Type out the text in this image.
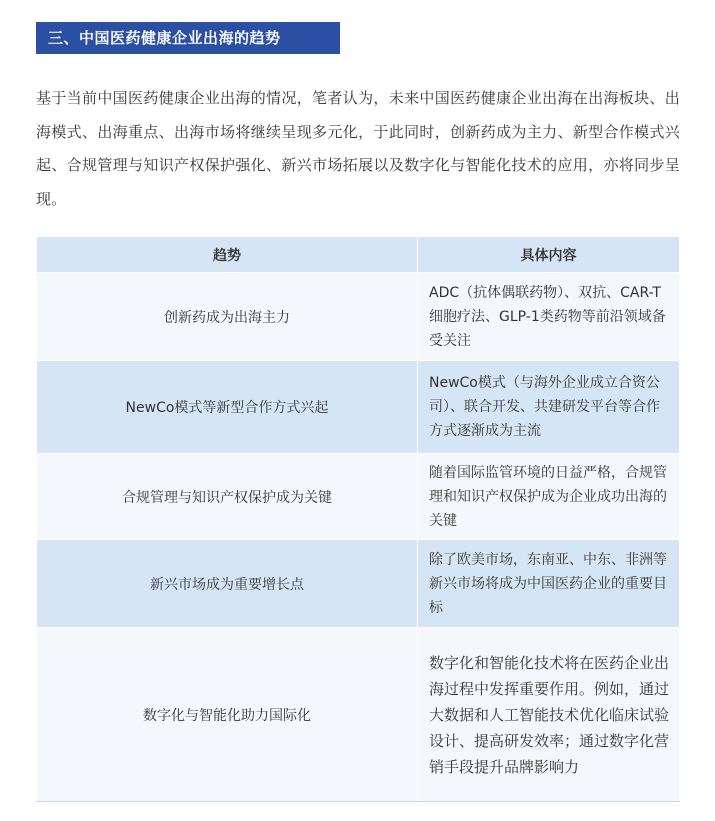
三、中国医药健康企业出海的趋势

基于当前中国医药健康企业出海的情况，笔者认为，未来中国医药健康企业出海在出海板块、出海模式、出海重点、出海市场将继续呈现多元化，于此同时，创新药成为主力、新型合作模式兴起、合规管理与知识产权保护强化、新兴市场拓展以及数字化与智能化技术的应用，亦将同步呈现。

趋势	具体内容
创新药成为出海主力	ADC（抗体偶联药物）、双抗、CAR-T细胞疗法、GLP-1类药物等前沿领域备受关注
NewCo模式等新型合作方式兴起	NewCo模式（与海外企业成立合资公司）、联合开发、共建研发平台等合作方式逐渐成为主流
合规管理与知识产权保护成为关键	随着国际监管环境的日益严格，合规管理和知识产权保护成为企业成功出海的关键
新兴市场成为重要增长点	除了欧美市场，东南亚、中东、非洲等新兴市场将成为中国医药企业的重要目标
数字化与智能化助力国际化	数字化和智能化技术将在医药企业出海过程中发挥重要作用。例如，通过大数据和人工智能技术优化临床试验设计、提高研发效率；通过数字化营销手段提升品牌影响力
